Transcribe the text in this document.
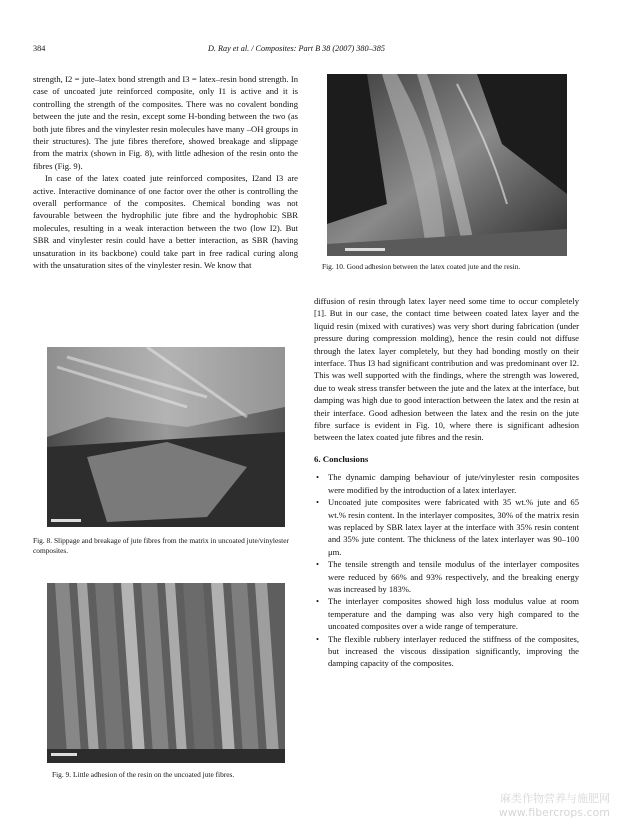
384	D. Ray et al. / Composites: Part B 38 (2007) 380–385

strength, I2 = jute–latex bond strength and I3 = latex–resin bond strength. In case of uncoated jute reinforced composite, only I1 is active and it is controlling the strength of the composites. There was no covalent bonding between the jute and the resin, except some H-bonding between the two (as both jute fibres and the vinylester resin molecules have many –OH groups in their structures). The jute fibres therefore, showed breakage and slippage from the matrix (shown in Fig. 8), with little adhesion of the resin onto the fibres (Fig. 9).

In case of the latex coated jute reinforced composites, I2and I3 are active. Interactive dominance of one factor over the other is controlling the overall performance of the composites. Chemical bonding was not favourable between the hydrophilic jute fibre and the hydrophobic SBR molecules, resulting in a weak interaction between the two (low I2). But SBR and vinylester resin could have a better interaction, as SBR (having unsaturation in its backbone) could take part in free radical curing along with the unsaturation sites of the vinylester resin. We know that	Fig. 10. Good adhesion between the latex coated jute and the resin.
Fig. 8. Slippage and breakage of jute fibres from the matrix in uncoated jute/vinylester composites.
Fig. 9. Little adhesion of the resin on the uncoated jute fibres.

diffusion of resin through latex layer need some time to occur completely [1]. But in our case, the contact time between coated latex layer and the liquid resin (mixed with curatives) was very short during fabrication (under pressure during compression molding), hence the resin could not diffuse through the latex layer completely, but they had bonding mostly on their interface. Thus I3 had significant contribution and was predominant over I2. This was well supported with the findings, where the strength was lowered, due to weak stress transfer between the jute and the latex at the interface, but damping was high due to good interaction between the latex and the resin at their interface. Good adhesion between the latex and the resin on the jute fibre surface is evident in Fig. 10, where there is significant adhesion between the latex coated jute fibres and the resin.

6. Conclusions
• The dynamic damping behaviour of jute/vinylester resin composites were modified by the introduction of a latex interlayer.
• Uncoated jute composites were fabricated with 35 wt.% jute and 65 wt.% resin content. In the interlayer composites, 30% of the matrix resin was replaced by SBR latex layer at the interface with 35% resin content and 35% jute content. The thickness of the latex interlayer was 90–100 μm.
• The tensile strength and tensile modulus of the interlayer composites were reduced by 66% and 93% respectively, and the breaking energy was increased by 183%.
• The interlayer composites showed high loss modulus value at room temperature and the damping was also very high compared to the uncoated composites over a wide range of temperature.
• The flexible rubbery interlayer reduced the stiffness of the composites, but increased the viscous dissipation significantly, improving the damping capacity of the composites.
麻类作物营养与施肥网
www.fibercrops.com
